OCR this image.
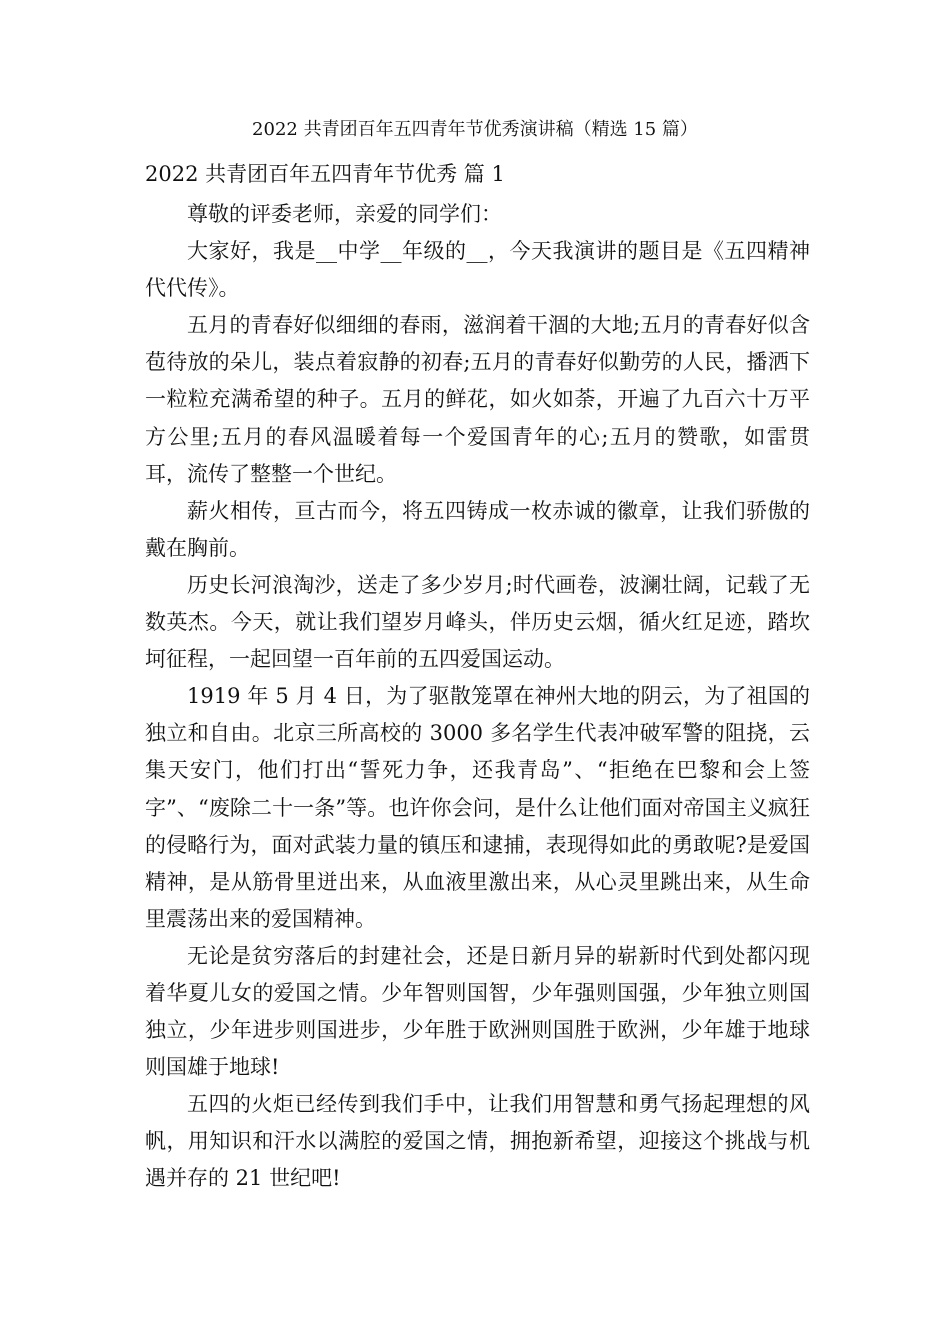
2022 共青团百年五四青年节优秀演讲稿（精选 15 篇）
2022 共青团百年五四青年节优秀 篇 1

尊敬的评委老师，亲爱的同学们：

大家好，我是__中学__年级的__，今天我演讲的题目是《五四精神代代传》。

五月的青春好似细细的春雨，滋润着干涸的大地;五月的青春好似含苞待放的朵儿，装点着寂静的初春;五月的青春好似勤劳的人民，播洒下一粒粒充满希望的种子。五月的鲜花，如火如荼，开遍了九百六十万平方公里;五月的春风温暖着每一个爱国青年的心;五月的赞歌，如雷贯耳，流传了整整一个世纪。

薪火相传，亘古而今，将五四铸成一枚赤诚的徽章，让我们骄傲的戴在胸前。

历史长河浪淘沙，送走了多少岁月;时代画卷，波澜壮阔，记载了无数英杰。今天，就让我们望岁月峰头，伴历史云烟，循火红足迹，踏坎坷征程，一起回望一百年前的五四爱国运动。

1919 年 5 月 4 日，为了驱散笼罩在神州大地的阴云，为了祖国的独立和自由。北京三所高校的 3000 多名学生代表冲破军警的阻挠，云集天安门，他们打出“誓死力争，还我青岛”、“拒绝在巴黎和会上签字”、“废除二十一条”等。也许你会问，是什么让他们面对帝国主义疯狂的侵略行为，面对武装力量的镇压和逮捕，表现得如此的勇敢呢?是爱国精神，是从筋骨里迸出来，从血液里激出来，从心灵里跳出来，从生命里震荡出来的爱国精神。

无论是贫穷落后的封建社会，还是日新月异的崭新时代到处都闪现着华夏儿女的爱国之情。少年智则国智，少年强则国强，少年独立则国独立，少年进步则国进步，少年胜于欧洲则国胜于欧洲，少年雄于地球则国雄于地球!

五四的火炬已经传到我们手中，让我们用智慧和勇气扬起理想的风帆，用知识和汗水以满腔的爱国之情，拥抱新希望，迎接这个挑战与机遇并存的 21 世纪吧!
